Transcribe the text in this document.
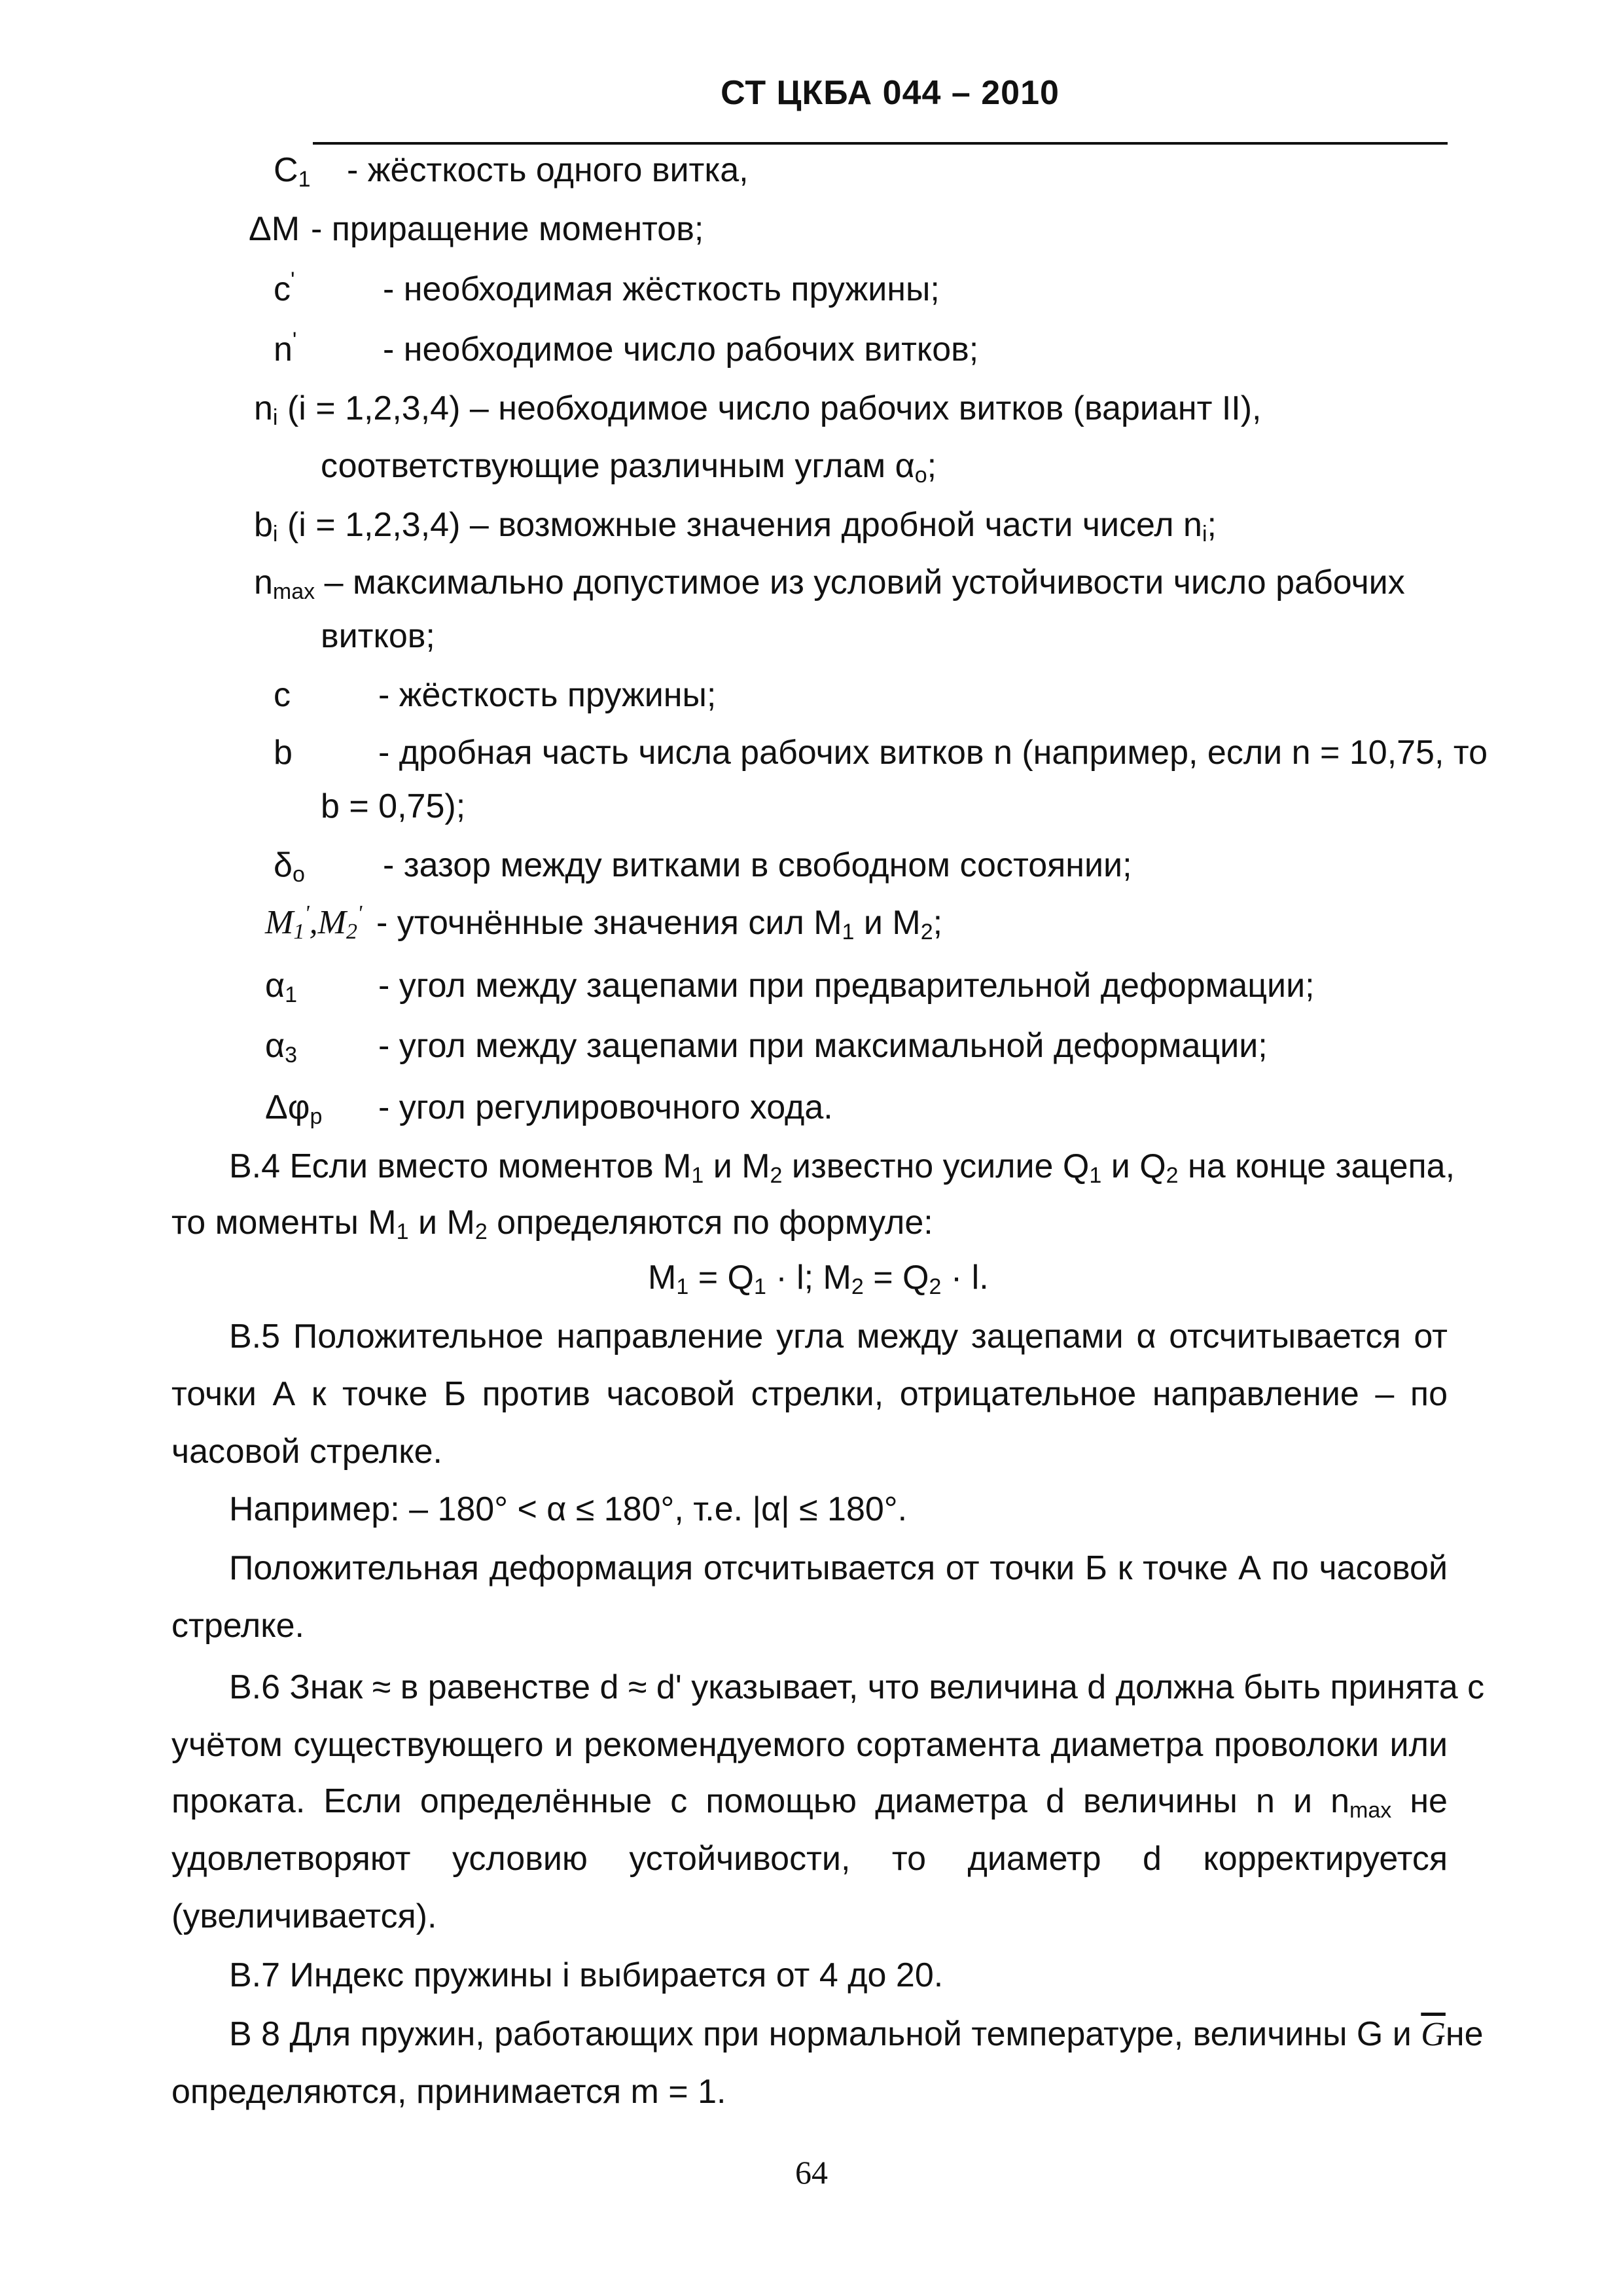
СТ ЦКБА 044 – 2010
$C_1$ - жёсткость одного витка,
ΔM - приращение моментов;
c'	- необходимая жёсткость пружины;
n'	- необходимое число рабочих витков;
$n_i$ (i = 1,2,3,4) – необходимое число рабочих витков (вариант II),
соответствующие различным углам $\alpha_о$;
$b_i$ (i = 1,2,3,4) – возможные значения дробной части чисел $n_i$;
$n_{max}$ – максимально допустимое из условий устойчивости число рабочих
витков;
c	- жёсткость пружины;
b	- дробная часть числа рабочих витков n (например, если n = 10,75, то
b = 0,75);
$\delta_о$ - зазор между витками в свободном состоянии;
$M_1',M_2'$ - уточнённые значения сил $M_1$ и $M_2$;
$\alpha_1$ - угол между зацепами при предварительной деформации;
$\alpha_3$ - угол между зацепами при максимальной деформации;
$\Delta\varphi_р$ - угол регулировочного хода.
В.4 Если вместо моментов $M_1$ и $M_2$ известно усилие $Q_1$ и $Q_2$ на конце зацепа,
то моменты $M_1$ и $M_2$ определяются по формуле:
$M_1 = Q_1 \cdot l$; $M_2 = Q_2 \cdot l$.
В.5 Положительное направление угла между зацепами α отсчитывается от
точки А к точке Б против часовой стрелки, отрицательное направление – по
часовой стрелке.
Например: – 180° < α ≤ 180°, т.е. |α| ≤ 180°.
Положительная деформация отсчитывается от точки Б к точке А по часовой
стрелке.
В.6 Знак ≈ в равенстве d ≈ d' указывает, что величина d должна быть принята с
учётом существующего и рекомендуемого сортамента диаметра проволоки или
проката. Если определённые с помощью диаметра d величины n и $n_{max}$ не
удовлетворяют условию устойчивости, то диаметр d корректируется
(увеличивается).
В.7 Индекс пружины i выбирается от 4 до 20.
В 8 Для пружин, работающих при нормальной температуре, величины G и $\overline{G}не$
определяются, принимается m = 1.
64
